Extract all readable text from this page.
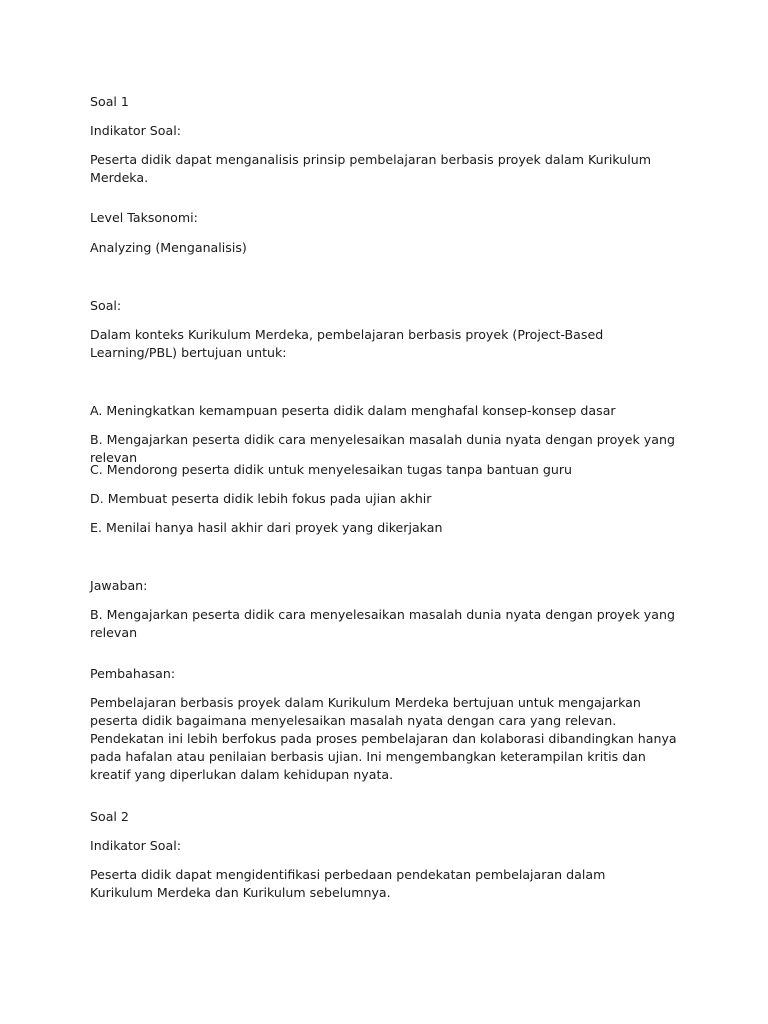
Soal 1

Indikator Soal:

Peserta didik dapat menganalisis prinsip pembelajaran berbasis proyek dalam Kurikulum Merdeka.

Level Taksonomi:

Analyzing (Menganalisis)

Soal:

Dalam konteks Kurikulum Merdeka, pembelajaran berbasis proyek (Project-Based Learning/PBL) bertujuan untuk:

A. Meningkatkan kemampuan peserta didik dalam menghafal konsep-konsep dasar

B. Mengajarkan peserta didik cara menyelesaikan masalah dunia nyata dengan proyek yang relevan

C. Mendorong peserta didik untuk menyelesaikan tugas tanpa bantuan guru

D. Membuat peserta didik lebih fokus pada ujian akhir

E. Menilai hanya hasil akhir dari proyek yang dikerjakan

Jawaban:

B. Mengajarkan peserta didik cara menyelesaikan masalah dunia nyata dengan proyek yang relevan

Pembahasan:

Pembelajaran berbasis proyek dalam Kurikulum Merdeka bertujuan untuk mengajarkan peserta didik bagaimana menyelesaikan masalah nyata dengan cara yang relevan. Pendekatan ini lebih berfokus pada proses pembelajaran dan kolaborasi dibandingkan hanya pada hafalan atau penilaian berbasis ujian. Ini mengembangkan keterampilan kritis dan kreatif yang diperlukan dalam kehidupan nyata.

Soal 2

Indikator Soal:

Peserta didik dapat mengidentifikasi perbedaan pendekatan pembelajaran dalam Kurikulum Merdeka dan Kurikulum sebelumnya.
